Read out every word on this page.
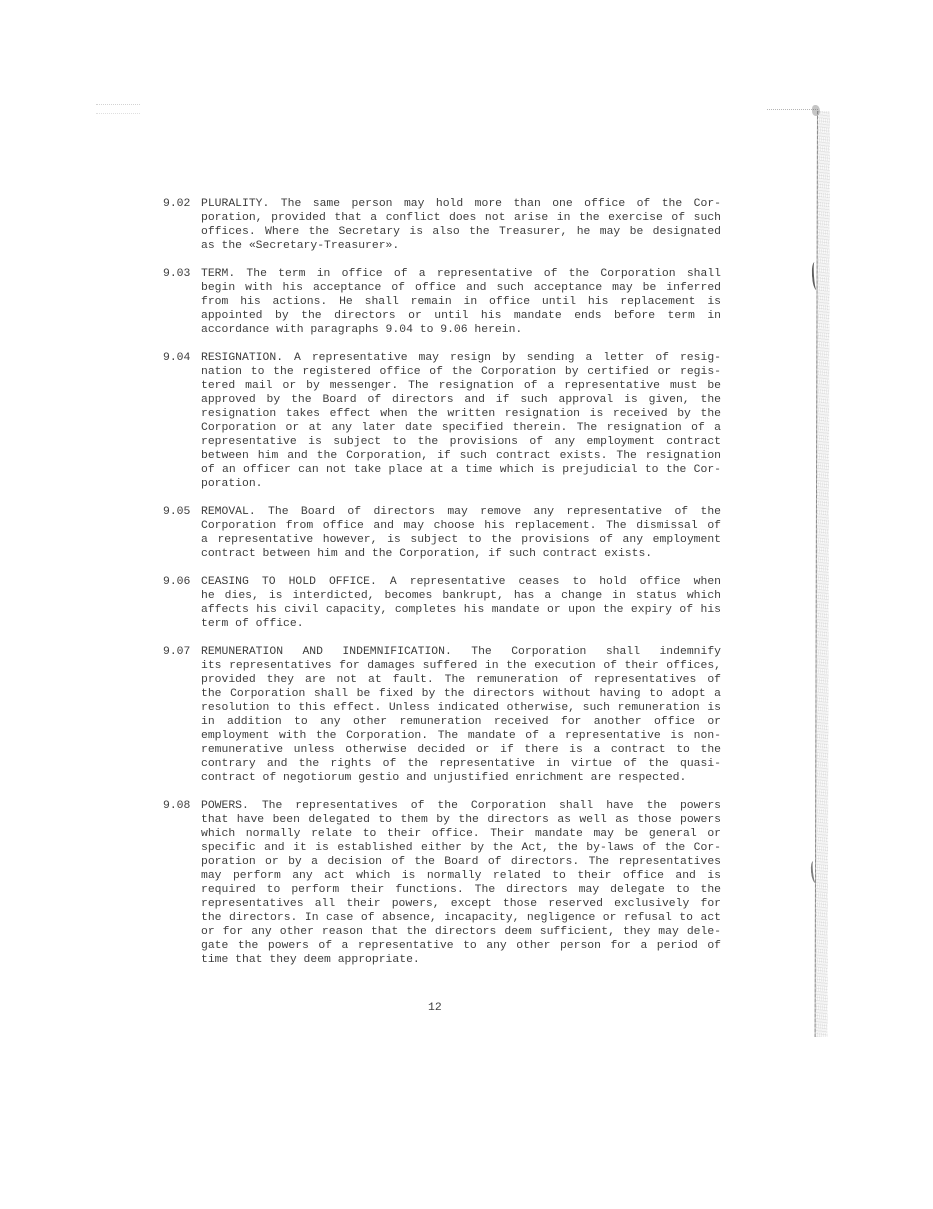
9.02 PLURALITY. The same person may hold more than one office of the Cor-
poration, provided that a conflict does not arise in the exercise of such
offices. Where the Secretary is also the Treasurer, he may be designated
as the «Secretary-Treasurer».
9.03 TERM. The term in office of a representative of the Corporation shall
begin with his acceptance of office and such acceptance may be inferred
from his actions. He shall remain in office until his replacement is
appointed by the directors or until his mandate ends before term in
accordance with paragraphs 9.04 to 9.06 herein.
9.04 RESIGNATION. A representative may resign by sending a letter of resig-
nation to the registered office of the Corporation by certified or regis-
tered mail or by messenger. The resignation of a representative must be
approved by the Board of directors and if such approval is given, the
resignation takes effect when the written resignation is received by the
Corporation or at any later date specified therein. The resignation of a
representative is subject to the provisions of any employment contract
between him and the Corporation, if such contract exists. The resignation
of an officer can not take place at a time which is prejudicial to the Cor-
poration.
9.05 REMOVAL. The Board of directors may remove any representative of the
Corporation from office and may choose his replacement. The dismissal of
a representative however, is subject to the provisions of any employment
contract between him and the Corporation, if such contract exists.
9.06 CEASING TO HOLD OFFICE. A representative ceases to hold office when
he dies, is interdicted, becomes bankrupt, has a change in status which
affects his civil capacity, completes his mandate or upon the expiry of his
term of office.
9.07 REMUNERATION AND INDEMNIFICATION. The Corporation shall indemnify
its representatives for damages suffered in the execution of their offices,
provided they are not at fault. The remuneration of representatives of
the Corporation shall be fixed by the directors without having to adopt a
resolution to this effect. Unless indicated otherwise, such remuneration is
in addition to any other remuneration received for another office or
employment with the Corporation. The mandate of a representative is non-
remunerative unless otherwise decided or if there is a contract to the
contrary and the rights of the representative in virtue of the quasi-
contract of negotiorum gestio and unjustified enrichment are respected.
9.08 POWERS. The representatives of the Corporation shall have the powers
that have been delegated to them by the directors as well as those powers
which normally relate to their office. Their mandate may be general or
specific and it is established either by the Act, the by-laws of the Cor-
poration or by a decision of the Board of directors. The representatives
may perform any act which is normally related to their office and is
required to perform their functions. The directors may delegate to the
representatives all their powers, except those reserved exclusively for
the directors. In case of absence, incapacity, negligence or refusal to act
or for any other reason that the directors deem sufficient, they may dele-
gate the powers of a representative to any other person for a period of
time that they deem appropriate.
12
